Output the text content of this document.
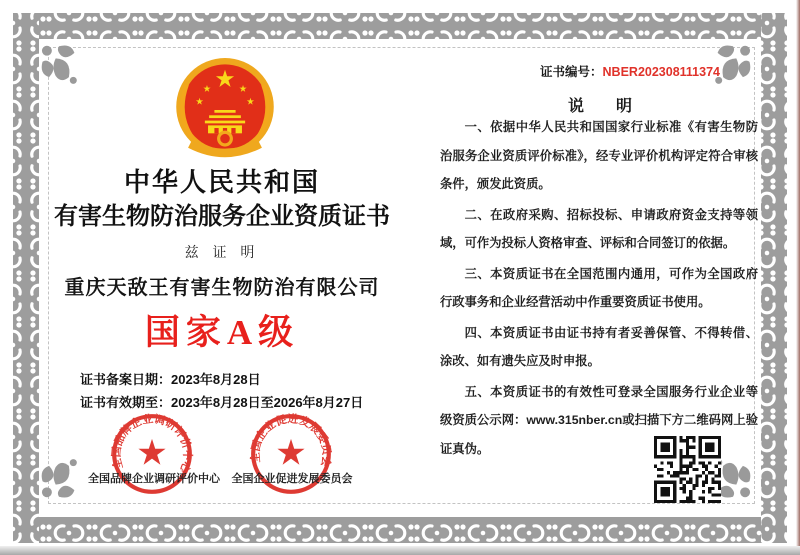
中华人民共和国
有害生物防治服务企业资质证书
兹 证 明
重庆天敌王有害生物防治有限公司
国家A级
证书备案日期：2023年8月28日
证书有效期至：2023年8月28日至2026年8月27日
全国品牌企业调研评价中心	全国企业促进发展委员会
全国品牌企业调研评价中心
全国企业促进发展委员会
证书编号：NBER202308111374
说　　明

一、依据中华人民共和国国家行业标准《有害生物防治服务企业资质评价标准》，经专业评价机构评定符合审核条件，颁发此资质。

二、在政府采购、招标投标、申请政府资金支持等领域，可作为投标人资格审查、评标和合同签订的依据。

三、本资质证书在全国范围内通用，可作为全国政府行政事务和企业经营活动中作重要资质证书使用。

四、本资质证书由证书持有者妥善保管、不得转借、涂改、如有遗失应及时申报。

五、本资质证书的有效性可登录全国服务行业企业等级资质公示网：www.315nber.cn或扫描下方二维码网上验证真伪。
